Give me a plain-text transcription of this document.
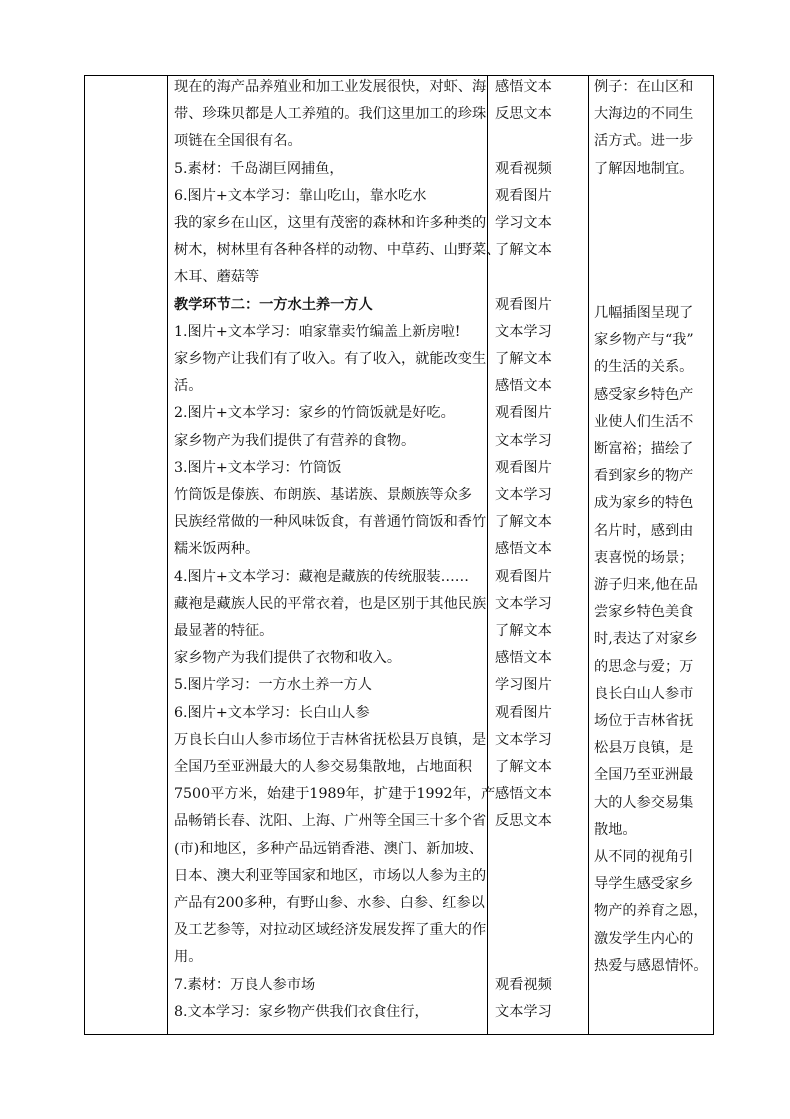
现在的海产品养殖业和加工业发展很快，对虾、海
带、珍珠贝都是人工养殖的。我们这里加工的珍珠
项链在全国很有名。
5.素材：千岛湖巨网捕鱼，
6.图片+文本学习：靠山吃山，靠水吃水
我的家乡在山区，这里有茂密的森林和许多种类的
树木，树林里有各种各样的动物、中草药、山野菜、
木耳、蘑菇等
教学环节二：一方水土养一方人
1.图片+文本学习：咱家靠卖竹编盖上新房啦!
家乡物产让我们有了收入。有了收入，就能改变生
活。
2.图片+文本学习：家乡的竹筒饭就是好吃。
家乡物产为我们提供了有营养的食物。
3.图片+文本学习：竹筒饭
竹筒饭是傣族、布朗族、基诺族、景颇族等众多
民族经常做的一种风味饭食，有普通竹筒饭和香竹
糯米饭两种。
4.图片+文本学习：藏袍是藏族的传统服装……
藏袍是藏族人民的平常衣着，也是区别于其他民族
最显著的特征。
家乡物产为我们提供了衣物和收入。
5.图片学习：一方水土养一方人
6.图片+文本学习：长白山人参
万良长白山人参市场位于吉林省抚松县万良镇，是
全国乃至亚洲最大的人参交易集散地，占地面积
7500平方米，始建于1989年，扩建于1992年，产
品畅销长春、沈阳、上海、广州等全国三十多个省
(市)和地区，多种产品远销香港、澳门、新加坡、
日本、澳大利亚等国家和地区，市场以人参为主的
产品有200多种，有野山参、水参、白参、红参以
及工艺参等，对拉动区域经济发展发挥了重大的作
用。
7.素材：万良人参市场
8.文本学习：家乡物产供我们衣食住行，
感悟文本
反思文本
观看视频
观看图片
学习文本
了解文本
观看图片
文本学习
了解文本
感悟文本
观看图片
文本学习
观看图片
文本学习
了解文本
感悟文本
观看图片
文本学习
了解文本
感悟文本
学习图片
观看图片
文本学习
了解文本
感悟文本
反思文本
观看视频
文本学习
例子：在山区和
大海边的不同生
活方式。进一步
了解因地制宜。
几幅插图呈现了
家乡物产与“我”
的生活的关系。
感受家乡特色产
业使人们生活不
断富裕；描绘了
看到家乡的物产
成为家乡的特色
名片时，感到由
衷喜悦的场景；
游子归来,他在品
尝家乡特色美食
时,表达了对家乡
的思念与爱；万
良长白山人参市
场位于吉林省抚
松县万良镇，是
全国乃至亚洲最
大的人参交易集
散地。
从不同的视角引
导学生感受家乡
物产的养育之恩，
激发学生内心的
热爱与感恩情怀。
